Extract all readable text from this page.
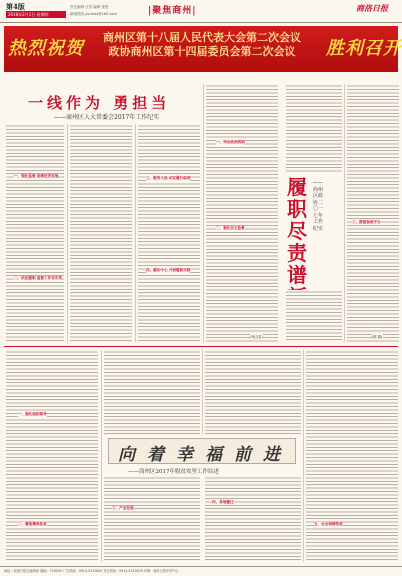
第4版
2018年2月1日 星期四
责任编辑 汪雪 编辑 张程
新闻热线 yurmas@163.com	|聚焦商州|	商洛日报
热烈祝贺
商州区第十八届人民代表大会第二次会议
政协商州区第十四届委员会第二次会议	胜利召开
一线作为 勇担当
——商州区人大常委会2017年工作纪实
一、强化监督 助推经济发展
二、依法履职 监督工作有实效
三、服务大局 切实履行职责
四、紧扣中心 开展履职实践
一、突出政治统领
二、强化民主监督
(杨五星)
履职尽责谱
——商州区政协二〇一七年工作纪实
三、搭建参政平台
(陈 娟)
一、强化组织领导
二、聚焦精准扶贫	五、社会保障兜底
向着幸福前进
——商州区2017年脱贫攻坚工作综述
三、产业发展
四、易地搬迁
地址：商洛日报社编辑部 邮编：726000 广告热线：0914-2313620 发行热线：0914-2313629 印刷：商洛日报印务中心
